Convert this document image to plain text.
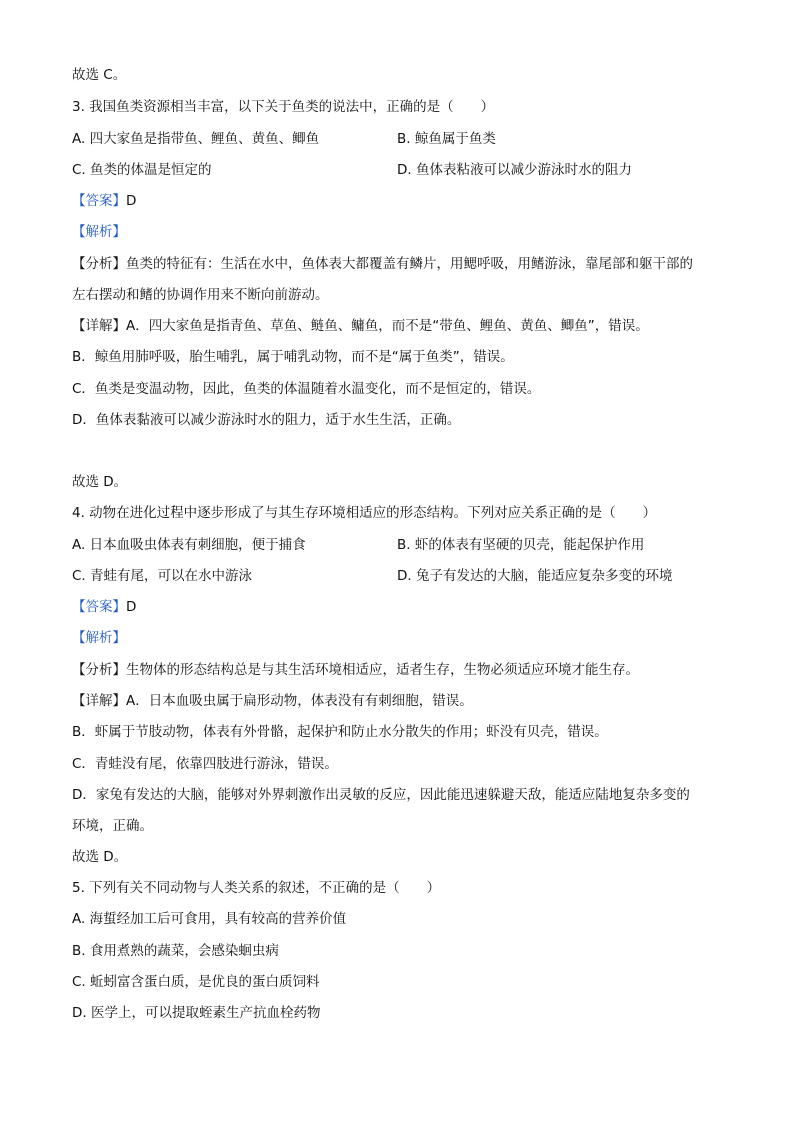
故选 C。
3. 我国鱼类资源相当丰富，以下关于鱼类的说法中，正确的是（　　）
A. 四大家鱼是指带鱼、鲤鱼、黄鱼、鲫鱼	B. 鲸鱼属于鱼类
C. 鱼类的体温是恒定的	D. 鱼体表粘液可以减少游泳时水的阻力
【答案】D
【解析】
【分析】鱼类的特征有：生活在水中，鱼体表大都覆盖有鳞片，用鳃呼吸，用鳍游泳，靠尾部和躯干部的
左右摆动和鳍的协调作用来不断向前游动。
【详解】A．四大家鱼是指青鱼、草鱼、鲢鱼、鳙鱼，而不是“带鱼、鲤鱼、黄鱼、鲫鱼”，错误。
B．鲸鱼用肺呼吸，胎生哺乳，属于哺乳动物，而不是“属于鱼类”，错误。
C．鱼类是变温动物，因此，鱼类的体温随着水温变化，而不是恒定的，错误。
D．鱼体表黏液可以减少游泳时水的阻力，适于水生生活，正确。
故选 D。
4. 动物在进化过程中逐步形成了与其生存环境相适应的形态结构。下列对应关系正确的是（　　）
A. 日本血吸虫体表有刺细胞，便于捕食	B. 虾的体表有坚硬的贝壳，能起保护作用
C. 青蛙有尾，可以在水中游泳	D. 兔子有发达的大脑，能适应复杂多变的环境
【答案】D
【解析】
【分析】生物体的形态结构总是与其生活环境相适应，适者生存，生物必须适应环境才能生存。
【详解】A．日本血吸虫属于扁形动物，体表没有有刺细胞，错误。
B．虾属于节肢动物，体表有外骨骼，起保护和防止水分散失的作用；虾没有贝壳，错误。
C．青蛙没有尾，依靠四肢进行游泳，错误。
D．家兔有发达的大脑，能够对外界刺激作出灵敏的反应，因此能迅速躲避天敌，能适应陆地复杂多变的
环境，正确。
故选 D。
5. 下列有关不同动物与人类关系的叙述，不正确的是（　　）
A. 海蜇经加工后可食用，具有较高的营养价值
B. 食用煮熟的蔬菜，会感染蛔虫病
C. 蚯蚓富含蛋白质，是优良的蛋白质饲料
D. 医学上，可以提取蛭素生产抗血栓药物
